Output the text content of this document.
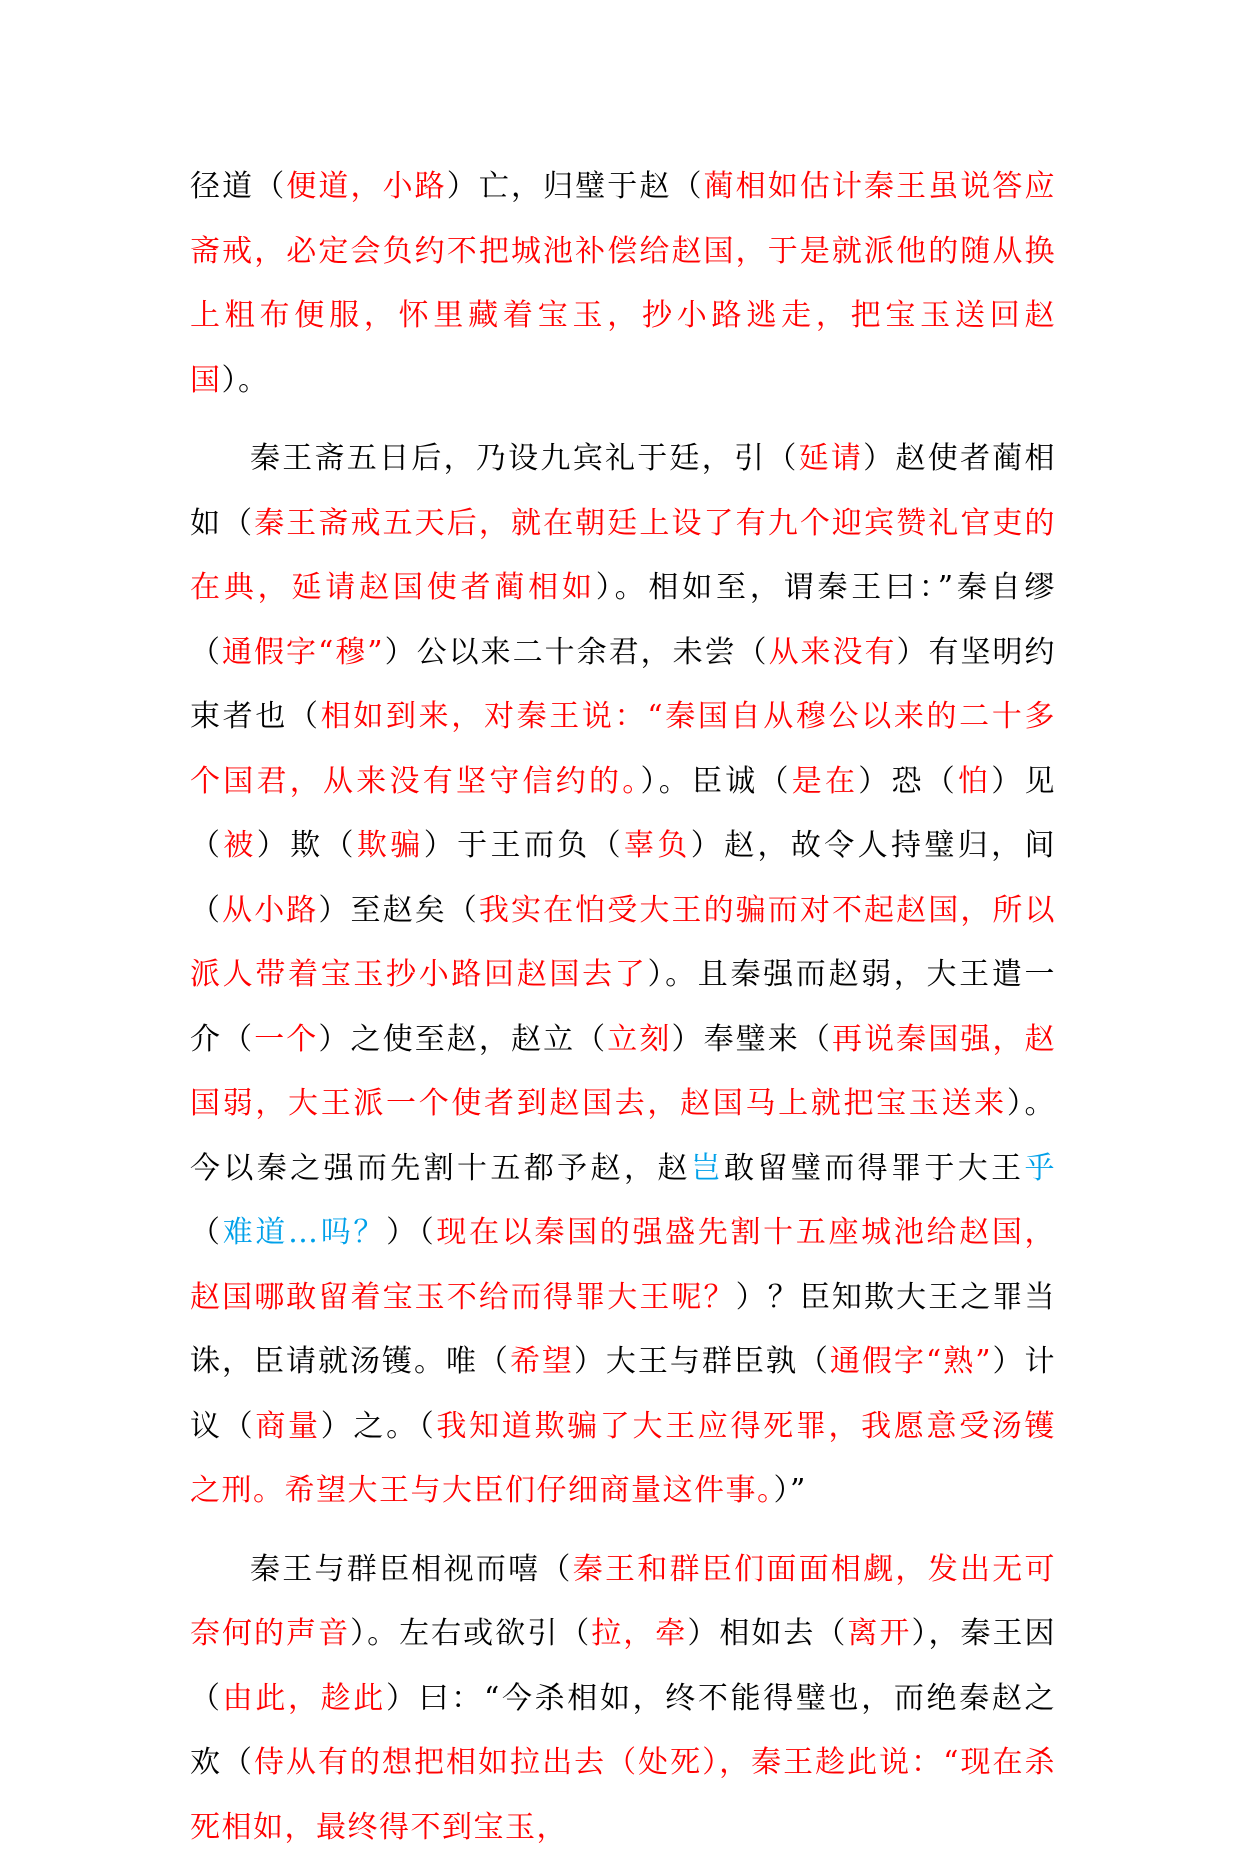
径道（便道，小路）亡，归璧于赵（蔺相如估计秦王虽说答应斋戒，必定会负约不把城池补偿给赵国，于是就派他的随从换上粗布便服，怀里藏着宝玉，抄小路逃走，把宝玉送回赵国）。

秦王斋五日后，乃设九宾礼于廷，引（延请）赵使者蔺相如（秦王斋戒五天后，就在朝廷上设了有九个迎宾赞礼官吏的在典，延请赵国使者蔺相如）。相如至，谓秦王曰：”秦自缪（通假字“穆”）公以来二十余君，未尝（从来没有）有坚明约束者也（相如到来，对秦王说：“秦国自从穆公以来的二十多个国君，从来没有坚守信约的。）。臣诚（是在）恐（怕）见（被）欺（欺骗）于王而负（辜负）赵，故令人持璧归，间（从小路）至赵矣（我实在怕受大王的骗而对不起赵国，所以派人带着宝玉抄小路回赵国去了）。且秦强而赵弱，大王遣一介（一个）之使至赵，赵立（立刻）奉璧来（再说秦国强，赵国弱，大王派一个使者到赵国去，赵国马上就把宝玉送来）。今以秦之强而先割十五都予赵，赵岂敢留璧而得罪于大王乎（难道…吗？）（现在以秦国的强盛先割十五座城池给赵国，赵国哪敢留着宝玉不给而得罪大王呢？）？臣知欺大王之罪当诛，臣请就汤镬。唯（希望）大王与群臣孰（通假字“熟”）计议（商量）之。（我知道欺骗了大王应得死罪，我愿意受汤镬之刑。希望大王与大臣们仔细商量这件事。）”

秦王与群臣相视而嘻（秦王和群臣们面面相觑，发出无可奈何的声音）。左右或欲引（拉，牵）相如去（离开），秦王因（由此，趁此）曰：“今杀相如，终不能得璧也，而绝秦赵之欢（侍从有的想把相如拉出去（处死），秦王趁此说：“现在杀死相如，最终得不到宝玉，
